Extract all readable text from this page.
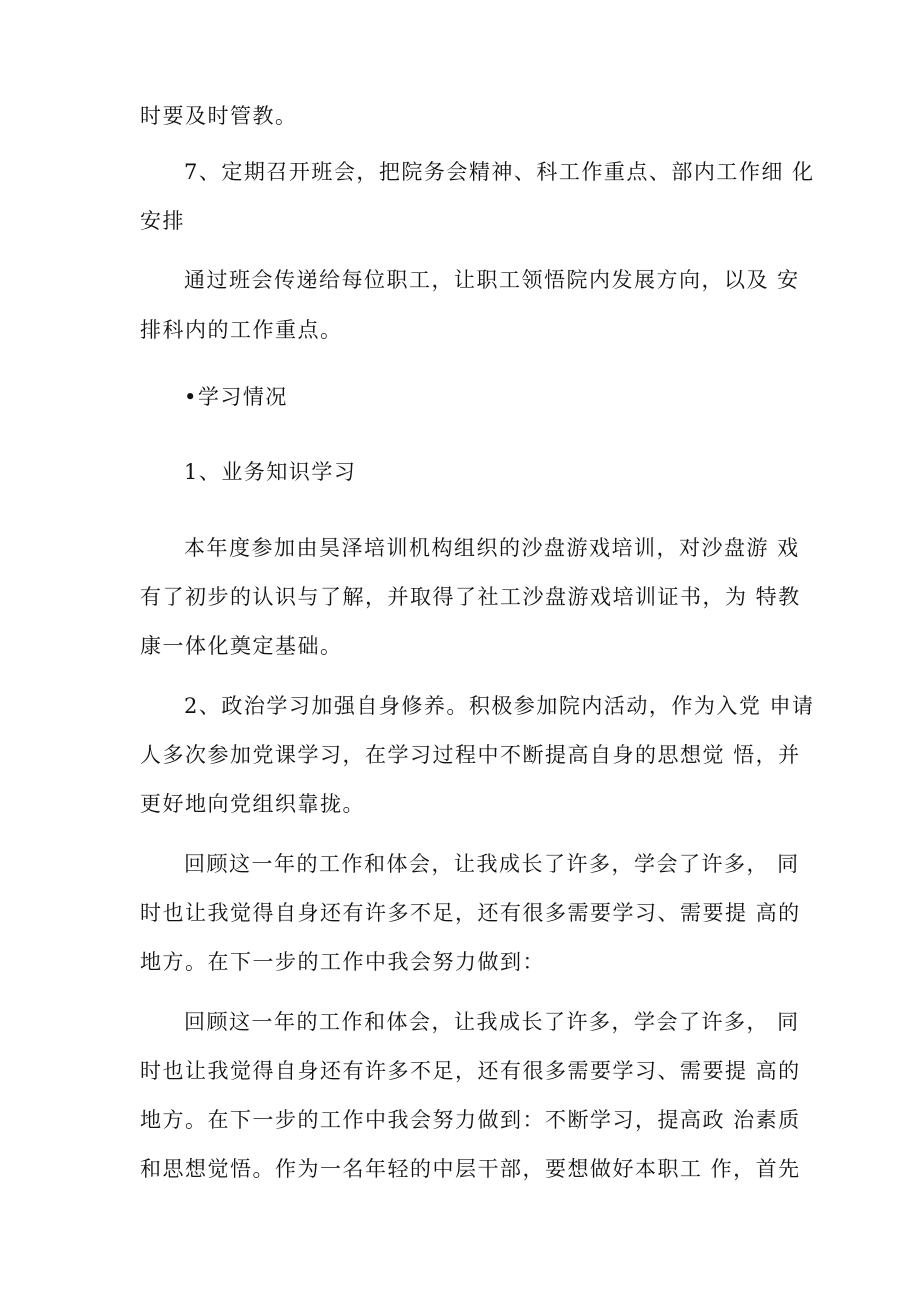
时要及时管教。
7、定期召开班会，把院务会精神、科工作重点、部内工作细 化
安排
通过班会传递给每位职工，让职工领悟院内发展方向，以及 安
排科内的工作重点。
•学习情况
1、业务知识学习
本年度参加由昊泽培训机构组织的沙盘游戏培训，对沙盘游 戏
有了初步的认识与了解，并取得了社工沙盘游戏培训证书，为 特教
康一体化奠定基础。
2、政治学习加强自身修养。积极参加院内活动，作为入党 申请
人多次参加党课学习，在学习过程中不断提高自身的思想觉 悟，并
更好地向党组织靠拢。
回顾这一年的工作和体会，让我成长了许多，学会了许多， 同
时也让我觉得自身还有许多不足，还有很多需要学习、需要提 高的
地方。在下一步的工作中我会努力做到：
回顾这一年的工作和体会，让我成长了许多，学会了许多， 同
时也让我觉得自身还有许多不足，还有很多需要学习、需要提 高的
地方。在下一步的工作中我会努力做到：不断学习，提高政 治素质
和思想觉悟。作为一名年轻的中层干部，要想做好本职工 作，首先
